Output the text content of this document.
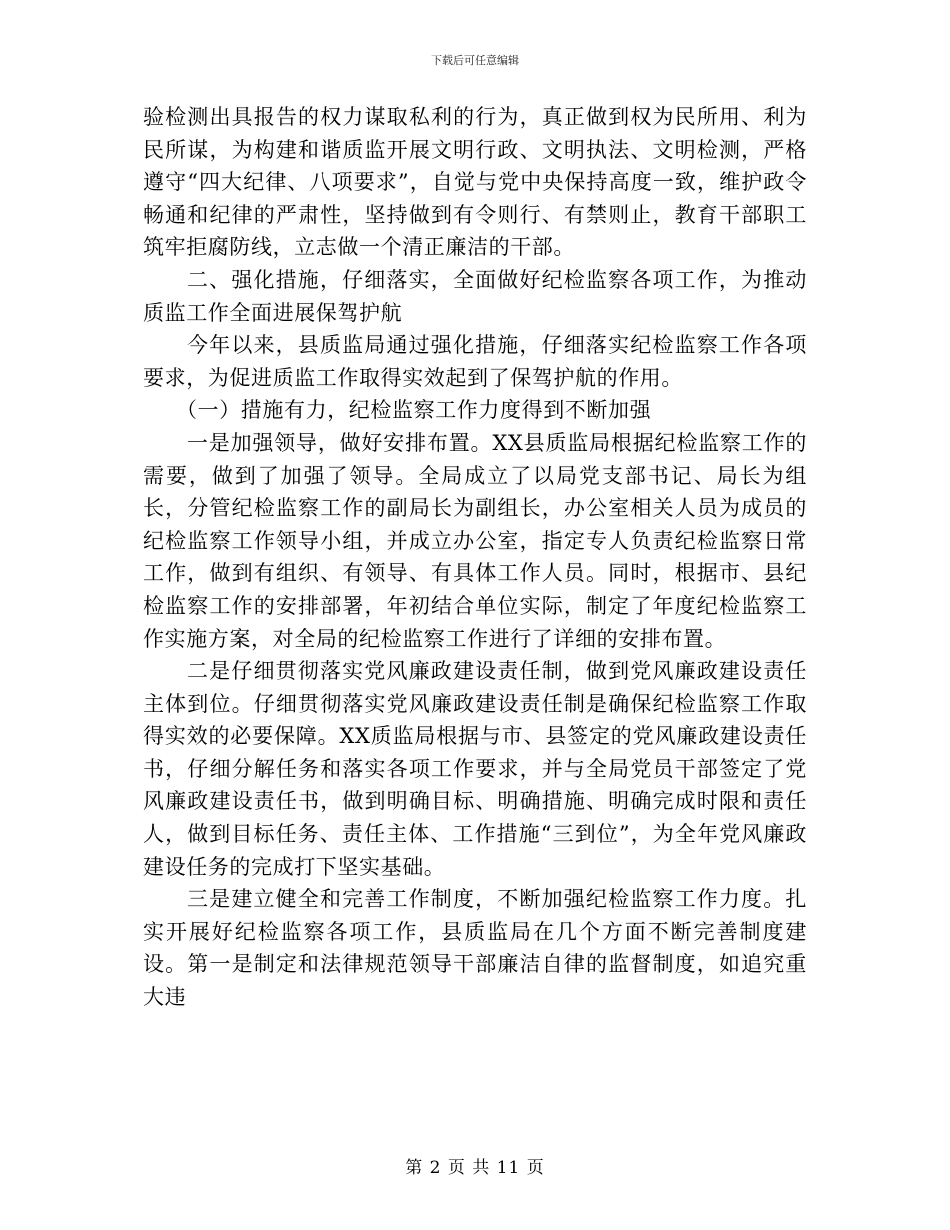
下载后可任意编辑

验检测出具报告的权力谋取私利的行为，真正做到权为民所用、利为民所谋，为构建和谐质监开展文明行政、文明执法、文明检测，严格遵守“四大纪律、八项要求”，自觉与党中央保持高度一致，维护政令畅通和纪律的严肃性，坚持做到有令则行、有禁则止，教育干部职工筑牢拒腐防线，立志做一个清正廉洁的干部。

二、强化措施，仔细落实，全面做好纪检监察各项工作，为推动质监工作全面进展保驾护航

今年以来，县质监局通过强化措施，仔细落实纪检监察工作各项要求，为促进质监工作取得实效起到了保驾护航的作用。

（一）措施有力，纪检监察工作力度得到不断加强

一是加强领导，做好安排布置。XX县质监局根据纪检监察工作的需要，做到了加强了领导。全局成立了以局党支部书记、局长为组长，分管纪检监察工作的副局长为副组长，办公室相关人员为成员的纪检监察工作领导小组，并成立办公室，指定专人负责纪检监察日常工作，做到有组织、有领导、有具体工作人员。同时，根据市、县纪检监察工作的安排部署，年初结合单位实际，制定了年度纪检监察工作实施方案，对全局的纪检监察工作进行了详细的安排布置。

二是仔细贯彻落实党风廉政建设责任制，做到党风廉政建设责任主体到位。仔细贯彻落实党风廉政建设责任制是确保纪检监察工作取得实效的必要保障。XX质监局根据与市、县签定的党风廉政建设责任书，仔细分解任务和落实各项工作要求，并与全局党员干部签定了党风廉政建设责任书，做到明确目标、明确措施、明确完成时限和责任人，做到目标任务、责任主体、工作措施“三到位”，为全年党风廉政建设任务的完成打下坚实基础。

三是建立健全和完善工作制度，不断加强纪检监察工作力度。扎实开展好纪检监察各项工作，县质监局在几个方面不断完善制度建设。第一是制定和法律规范领导干部廉洁自律的监督制度，如追究重大违

第 2 页 共 11 页
